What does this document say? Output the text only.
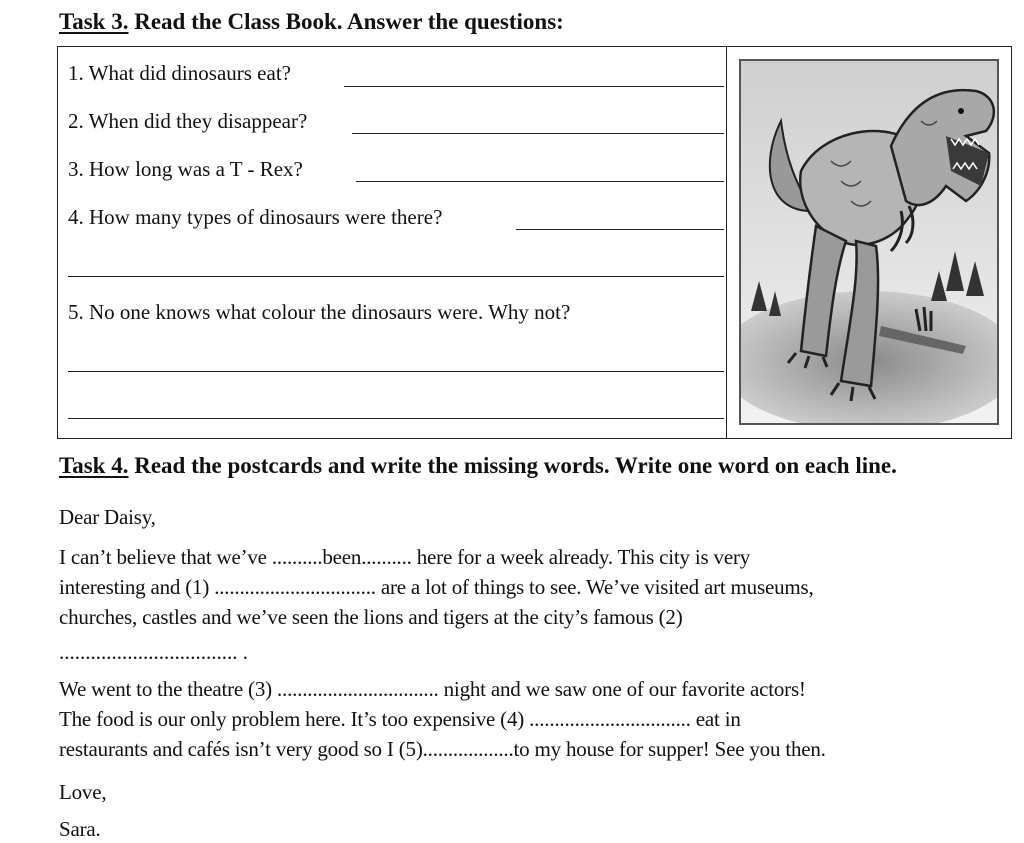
Task 3. Read the Class Book. Answer the questions:
1. What did dinosaurs eat?
2. When did they disappear?
3. How long was a T - Rex?
4. How many types of dinosaurs were there?
5. No one knows what colour the dinosaurs were. Why not?
Task 4. Read the postcards and write the missing words. Write one word on each line.
Dear Daisy,
I can’t believe that we’ve ..........been.......... here for a week already. This city is very
interesting and (1) ................................ are a lot of things to see. We’ve visited art museums,
churches, castles and we’ve seen the lions and tigers at the city’s famous (2)
.................................. .
We went to the theatre (3) ................................ night and we saw one of our favorite actors!
The food is our only problem here. It’s too expensive (4) ................................ eat in
restaurants and cafés isn’t very good so I (5)..................to my house for supper! See you then.
Love,
Sara.
